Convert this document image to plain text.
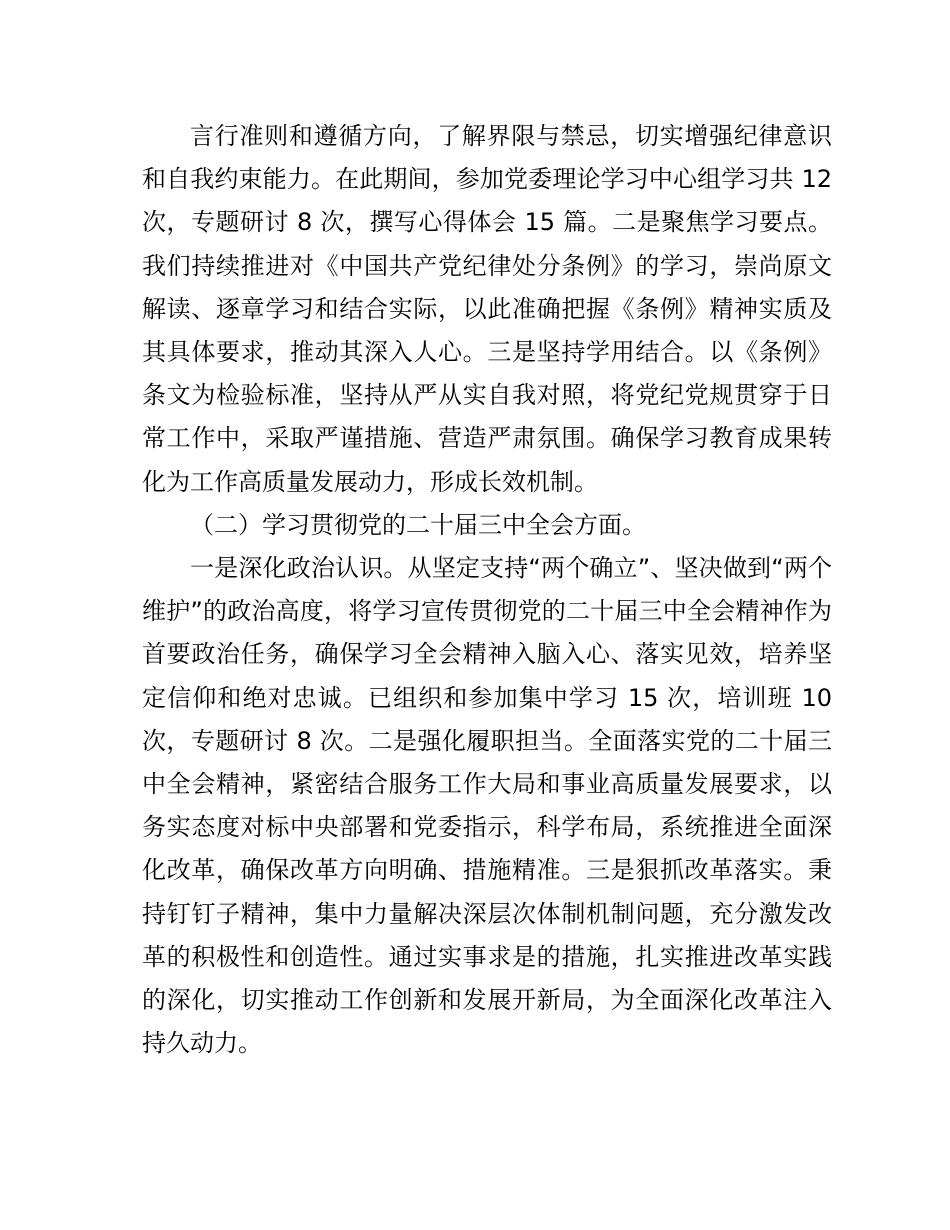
言行准则和遵循方向，了解界限与禁忌，切实增强纪律意识和自我约束能力。在此期间，参加党委理论学习中心组学习共 12 次，专题研讨 8 次，撰写心得体会 15 篇。二是聚焦学习要点。我们持续推进对《中国共产党纪律处分条例》的学习，崇尚原文解读、逐章学习和结合实际，以此准确把握《条例》精神实质及其具体要求，推动其深入人心。三是坚持学用结合。以《条例》条文为检验标准，坚持从严从实自我对照，将党纪党规贯穿于日常工作中，采取严谨措施、营造严肃氛围。确保学习教育成果转化为工作高质量发展动力，形成长效机制。

（二）学习贯彻党的二十届三中全会方面。

一是深化政治认识。从坚定支持“两个确立”、坚决做到“两个维护”的政治高度，将学习宣传贯彻党的二十届三中全会精神作为首要政治任务，确保学习全会精神入脑入心、落实见效，培养坚定信仰和绝对忠诚。已组织和参加集中学习 15 次，培训班 10 次，专题研讨 8 次。二是强化履职担当。全面落实党的二十届三中全会精神，紧密结合服务工作大局和事业高质量发展要求，以务实态度对标中央部署和党委指示，科学布局，系统推进全面深化改革，确保改革方向明确、措施精准。三是狠抓改革落实。秉持钉钉子精神，集中力量解决深层次体制机制问题，充分激发改革的积极性和创造性。通过实事求是的措施，扎实推进改革实践的深化，切实推动工作创新和发展开新局，为全面深化改革注入持久动力。
